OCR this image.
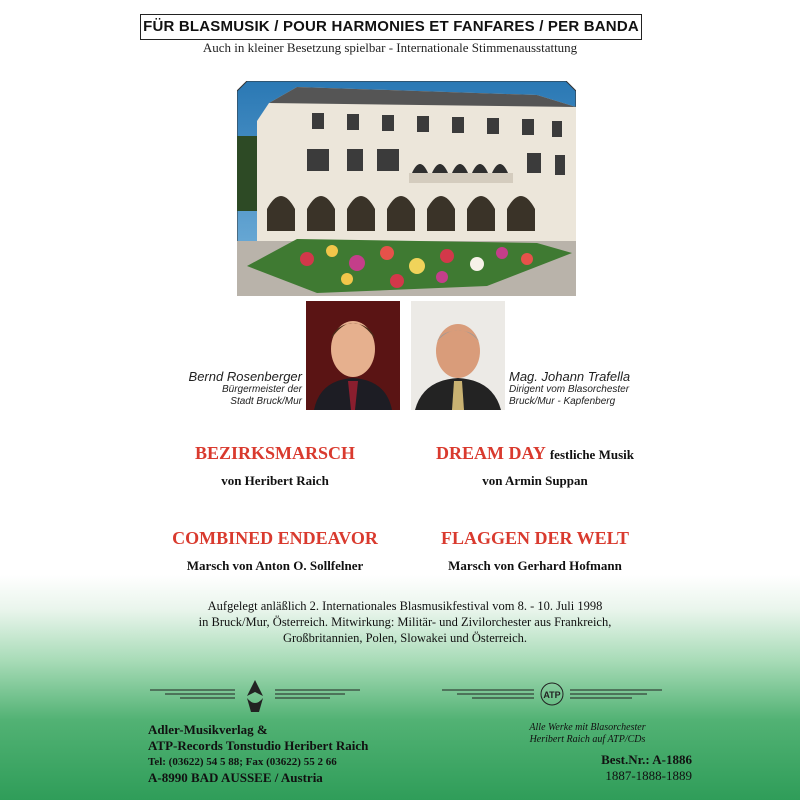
FÜR BLASMUSIK / POUR HARMONIES ET FANFARES / PER BANDA
Auch in kleiner Besetzung spielbar - Internationale Stimmenausstattung
Bernd Rosenberger
Bürgermeister der
Stadt Bruck/Mur
Mag. Johann Trafella
Dirigent vom Blasorchester
Bruck/Mur - Kapfenberg
BEZIRKSMARSCH
von Heribert Raich
DREAM DAY festliche Musik
von Armin Suppan
COMBINED ENDEAVOR
Marsch von Anton O. Sollfelner
FLAGGEN DER WELT
Marsch von Gerhard Hofmann
Aufgelegt anläßlich 2. Internationales Blasmusikfestival vom 8. - 10. Juli 1998
in Bruck/Mur, Österreich. Mitwirkung: Militär- und Zivilorchester aus Frankreich,
Großbritannien, Polen, Slowakei und Österreich.
ATP
Adler-Musikverlag &
ATP-Records Tonstudio Heribert Raich
Tel: (03622) 54 5 88; Fax (03622) 55 2 66
A-8990 BAD AUSSEE / Austria
Alle Werke mit Blasorchester
Heribert Raich auf ATP/CDs
Best.Nr.: A-1886
1887-1888-1889
